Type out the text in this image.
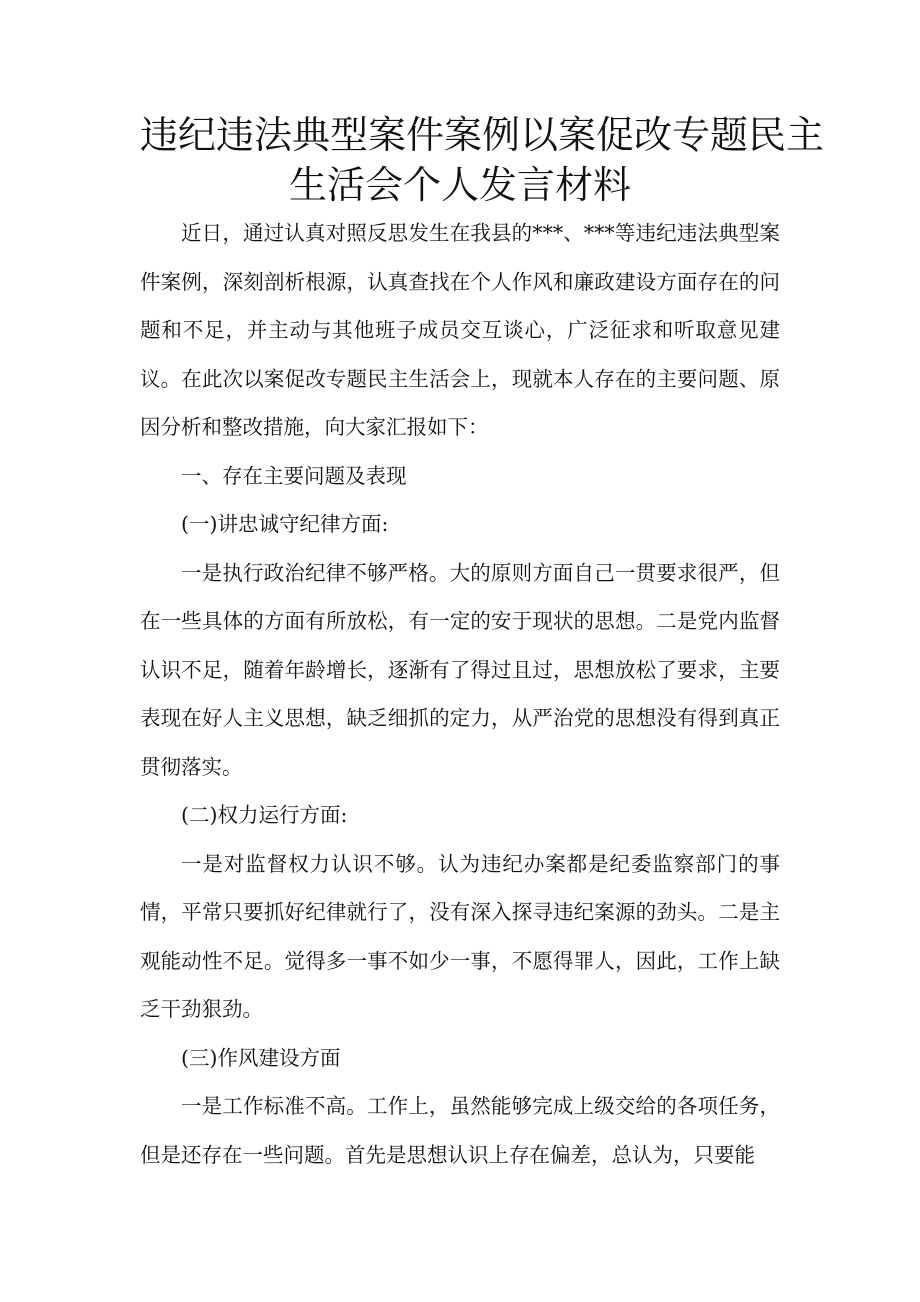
违纪违法典型案件案例以案促改专题民主
生活会个人发言材料

近日，通过认真对照反思发生在我县的***、***等违纪违法典型案件案例，深刻剖析根源，认真查找在个人作风和廉政建设方面存在的问题和不足，并主动与其他班子成员交互谈心，广泛征求和听取意见建议。在此次以案促改专题民主生活会上，现就本人存在的主要问题、原因分析和整改措施，向大家汇报如下：

一、存在主要问题及表现

(一)讲忠诚守纪律方面:

一是执行政治纪律不够严格。大的原则方面自己一贯要求很严，但在一些具体的方面有所放松，有一定的安于现状的思想。二是党内监督认识不足，随着年龄增长，逐渐有了得过且过，思想放松了要求，主要表现在好人主义思想，缺乏细抓的定力，从严治党的思想没有得到真正贯彻落实。

(二)权力运行方面:

一是对监督权力认识不够。认为违纪办案都是纪委监察部门的事情，平常只要抓好纪律就行了，没有深入探寻违纪案源的劲头。二是主观能动性不足。觉得多一事不如少一事，不愿得罪人，因此，工作上缺乏干劲狠劲。

(三)作风建设方面

一是工作标准不高。工作上，虽然能够完成上级交给的各项任务，但是还存在一些问题。首先是思想认识上存在偏差，总认为，只要能
